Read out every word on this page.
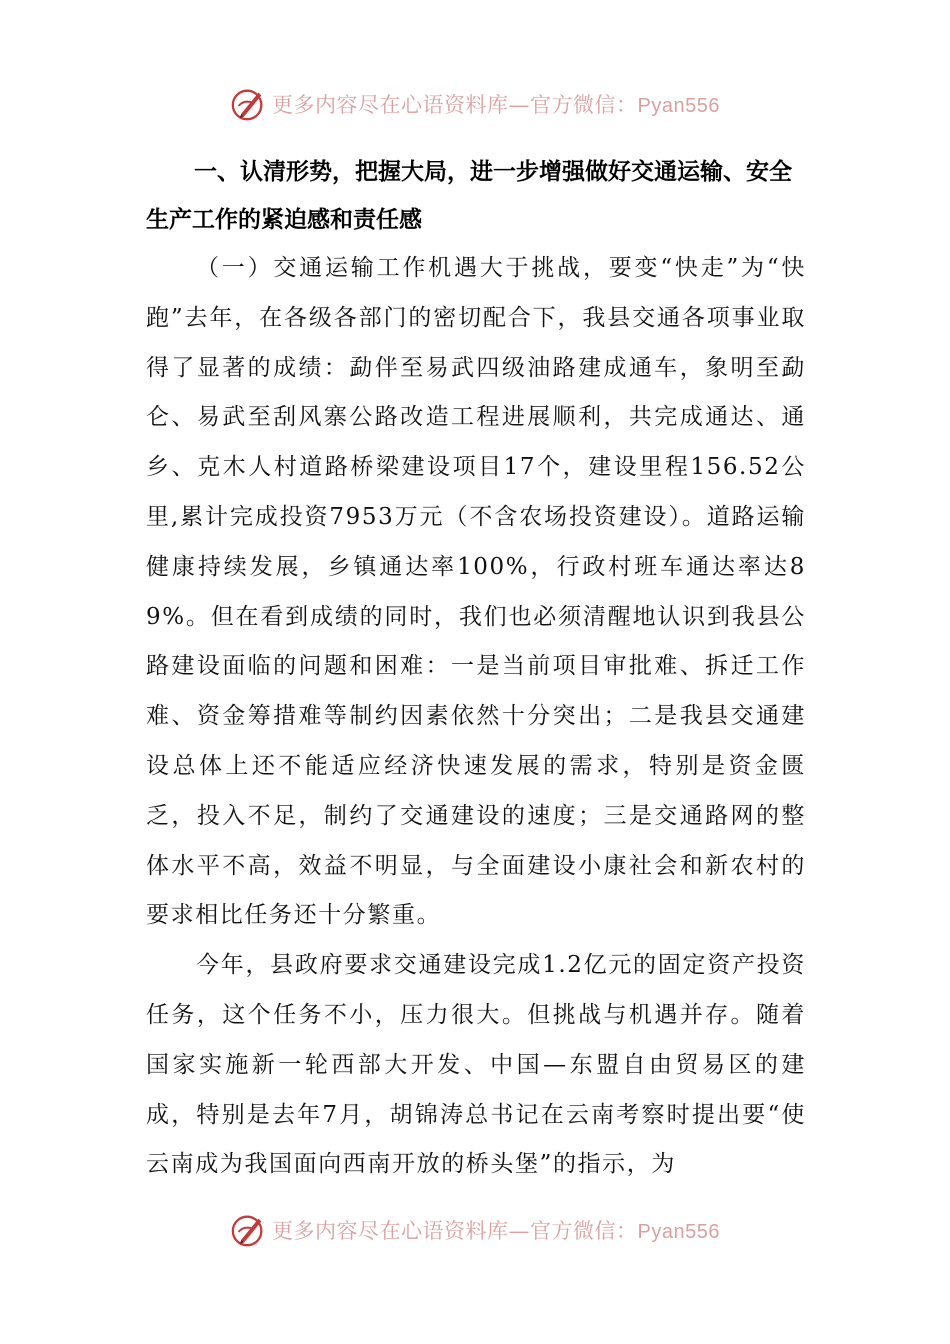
更多内容尽在心语资料库—官方微信：Pyan556

一、认清形势，把握大局，进一步增强做好交通运输、安全生产工作的紧迫感和责任感

（一）交通运输工作机遇大于挑战，要变“快走”为“快跑”去年，在各级各部门的密切配合下，我县交通各项事业取得了显著的成绩：勐伴至易武四级油路建成通车，象明至勐仑、易武至刮风寨公路改造工程进展顺利，共完成通达、通乡、克木人村道路桥梁建设项目17个，建设里程156.52公里,累计完成投资7953万元（不含农场投资建设）。道路运输健康持续发展，乡镇通达率100%，行政村班车通达率达89%。但在看到成绩的同时，我们也必须清醒地认识到我县公路建设面临的问题和困难：一是当前项目审批难、拆迁工作难、资金筹措难等制约因素依然十分突出；二是我县交通建设总体上还不能适应经济快速发展的需求，特别是资金匮乏，投入不足，制约了交通建设的速度；三是交通路网的整体水平不高，效益不明显，与全面建设小康社会和新农村的要求相比任务还十分繁重。

今年，县政府要求交通建设完成1.2亿元的固定资产投资任务，这个任务不小，压力很大。但挑战与机遇并存。随着国家实施新一轮西部大开发、中国—东盟自由贸易区的建成，特别是去年7月，胡锦涛总书记在云南考察时提出要“使云南成为我国面向西南开放的桥头堡”的指示，为

更多内容尽在心语资料库—官方微信：Pyan556
